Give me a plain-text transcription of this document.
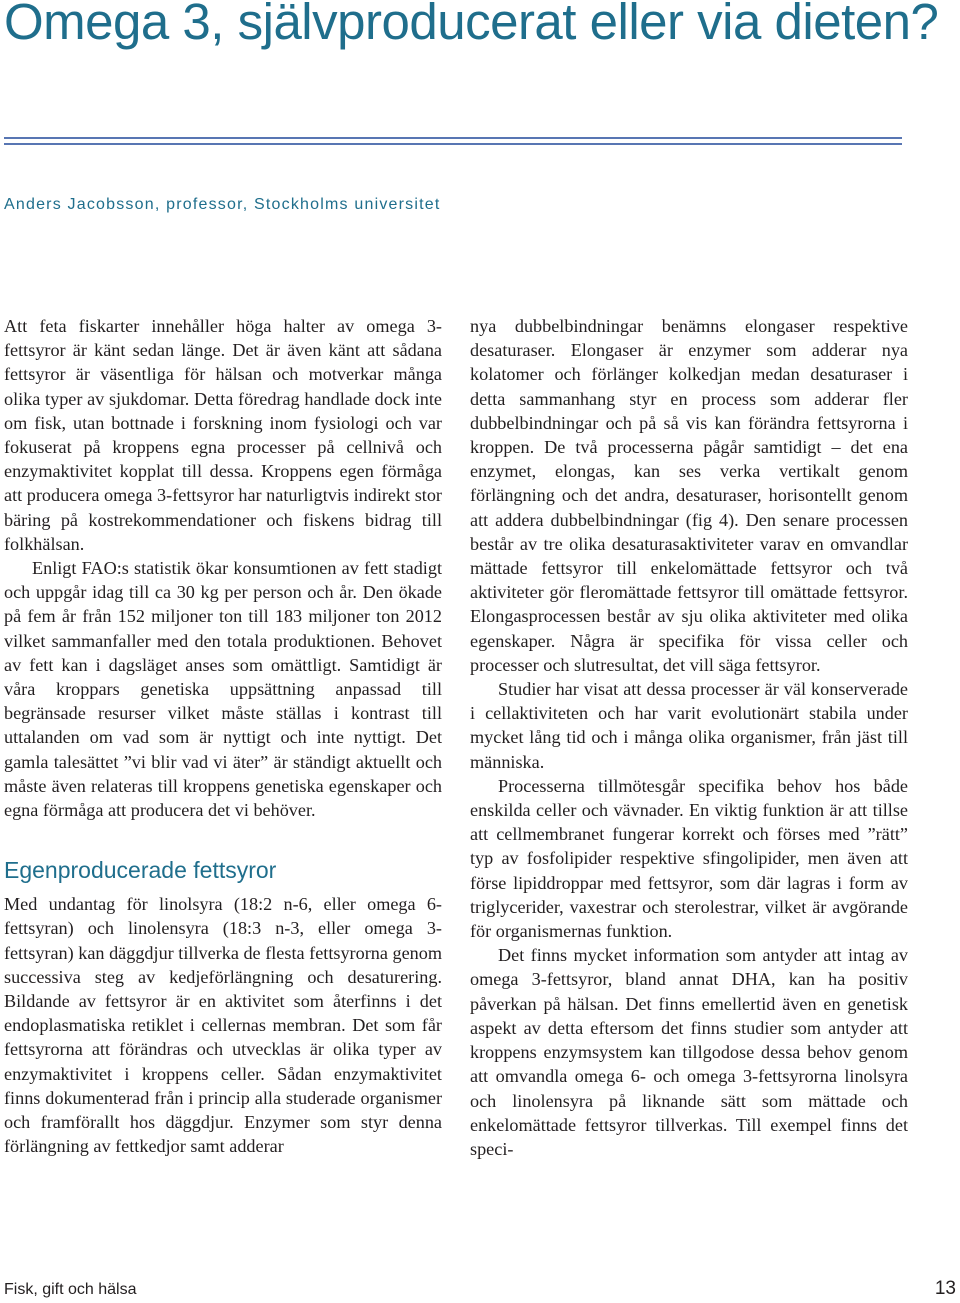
Omega 3, självproducerat eller via dieten?
Anders Jacobsson, professor, Stockholms universitet

Att feta fiskarter innehåller höga halter av omega 3-fettsyror är känt sedan länge. Det är även känt att sådana fettsyror är väsentliga för hälsan och motverkar många olika typer av sjukdomar. Detta föredrag handlade dock inte om fisk, utan bottnade i forskning inom fysiologi och var fokuserat på kroppens egna processer på cellnivå och enzymaktivitet kopplat till dessa. Kroppens egen förmåga att producera omega 3-fettsyror har naturligtvis indirekt stor bäring på kostrekommendationer och fiskens bidrag till folkhälsan.

Enligt FAO:s statistik ökar konsumtionen av fett stadigt och uppgår idag till ca 30 kg per person och år. Den ökade på fem år från 152 miljoner ton till 183 miljoner ton 2012 vilket sammanfaller med den totala produktionen. Behovet av fett kan i dagsläget anses som omättligt. Samtidigt är våra kroppars genetiska uppsättning anpassad till begränsade resurser vilket måste ställas i kontrast till uttalanden om vad som är nyttigt och inte nyttigt. Det gamla talesättet ”vi blir vad vi äter” är ständigt aktuellt och måste även relateras till kroppens genetiska egenskaper och egna förmåga att producera det vi behöver.

Egenproducerade fettsyror

Med undantag för linolsyra (18:2 n-6, eller omega 6-fettsyran) och linolensyra (18:3 n-3, eller omega 3-fettsyran) kan däggdjur tillverka de flesta fettsyrorna genom successiva steg av kedjeförlängning och desaturering. Bildande av fettsyror är en aktivitet som återfinns i det endoplasmatiska retiklet i cellernas membran. Det som får fettsyrorna att förändras och utvecklas är olika typer av enzymaktivitet i kroppens celler. Sådan enzymaktivitet finns dokumenterad från i princip alla studerade organismer och framförallt hos däggdjur. Enzymer som styr denna förlängning av fettkedjor samt adderar

nya dubbelbindningar benämns elongaser respektive desaturaser. Elongaser är enzymer som adderar nya kolatomer och förlänger kolkedjan medan desaturaser i detta sammanhang styr en process som adderar fler dubbelbindningar och på så vis kan förändra fettsyrorna i kroppen. De två processerna pågår samtidigt – det ena enzymet, elongas, kan ses verka vertikalt genom förlängning och det andra, desaturaser, horisontellt genom att addera dubbelbindningar (fig 4). Den senare processen består av tre olika desaturasaktiviteter varav en omvandlar mättade fettsyror till enkelomättade fettsyror och två aktiviteter gör fleromättade fettsyror till omättade fettsyror. Elongasprocessen består av sju olika aktiviteter med olika egenskaper. Några är specifika för vissa celler och processer och slutresultat, det vill säga fettsyror.

Studier har visat att dessa processer är väl konserverade i cellaktiviteten och har varit evolutionärt stabila under mycket lång tid och i många olika organismer, från jäst till människa.

Processerna tillmötesgår specifika behov hos både enskilda celler och vävnader. En viktig funktion är att tillse att cellmembranet fungerar korrekt och förses med ”rätt” typ av fosfolipider respektive sfingolipider, men även att förse lipiddroppar med fettsyror, som där lagras i form av triglycerider, vaxestrar och sterolestrar, vilket är avgörande för organismernas funktion.

Det finns mycket information som antyder att intag av omega 3-fettsyror, bland annat DHA, kan ha positiv påverkan på hälsan. Det finns emellertid även en genetisk aspekt av detta eftersom det finns studier som antyder att kroppens enzymsystem kan tillgodose dessa behov genom att omvandla omega 6- och omega 3-fettsyrorna linolsyra och linolensyra på liknande sätt som mättade och enkelomättade fettsyror tillverkas. Till exempel finns det speci-

Fisk, gift och hälsa	13
